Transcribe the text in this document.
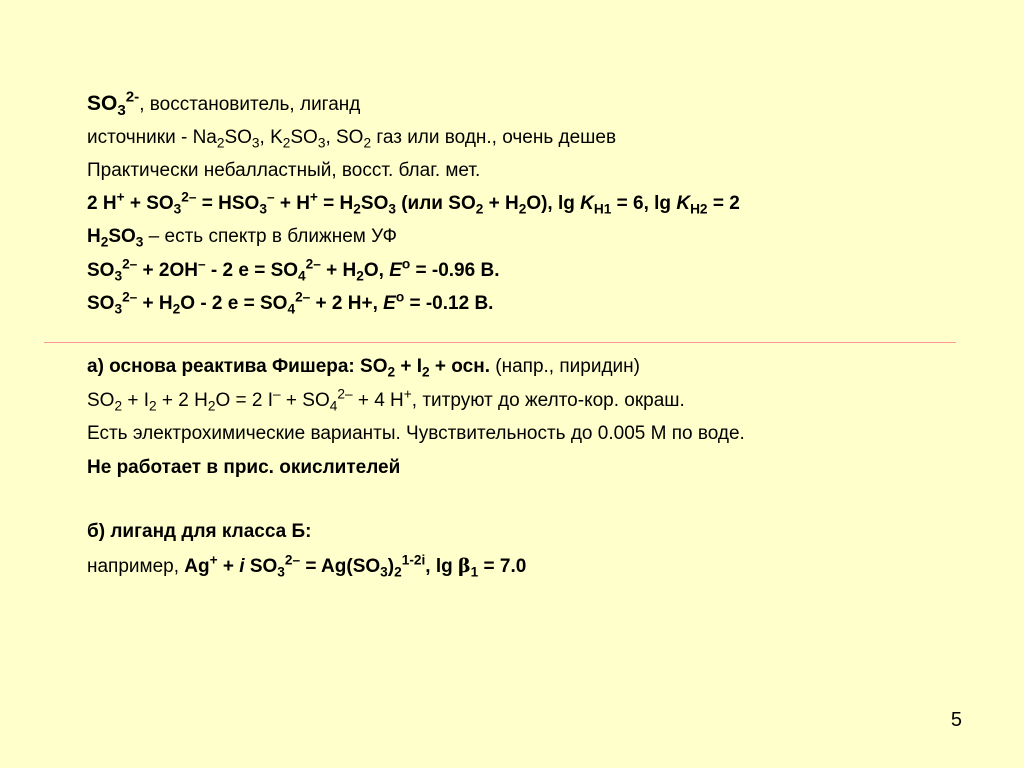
$SO_3^{2-}$, восстановитель, лиганд
источники - $Na_2SO_3$, $K_2SO_3$, $SO_2$ газ или водн., очень дешев
Практически небалластный, восст. благ. мет.
2 $H^+ + SO_3^{2-} = HSO_3^- + H^+ = H_2SO_3$ (или $SO_2 + H_2O$), $\lg K_{H1} = 6$, $\lg K_{H2} = 2$
$H_2SO_3$ – есть спектр в ближнем УФ
$SO_3^{2-} + 2OH^- - 2$ $e = SO_4^{2-} + H_2O$, $E^o = -0.96$ В.
$SO_3^{2-} + H_2O - 2$ $e = SO_4^{2-} + 2$ H+, $E^o = -0.12$ В.
а) основа реактива Фишера: $SO_2 + I_2$ + осн. (напр., пиридин)
$SO_2 + I_2 + 2$ $H_2O = 2$ $I^- + SO_4^{2-} + 4$ H+, титруют до желто-кор. окраш.
Есть электрохимические варианты. Чувствительность до 0.005 М по воде.
Не работает в прис. окислителей
б) лиганд для класса Б:
например, Ag+ + i $SO_3^{2-} = Ag(SO_3)_2^{1-2i}$, $\lg \beta_1 = 7.0$
5
